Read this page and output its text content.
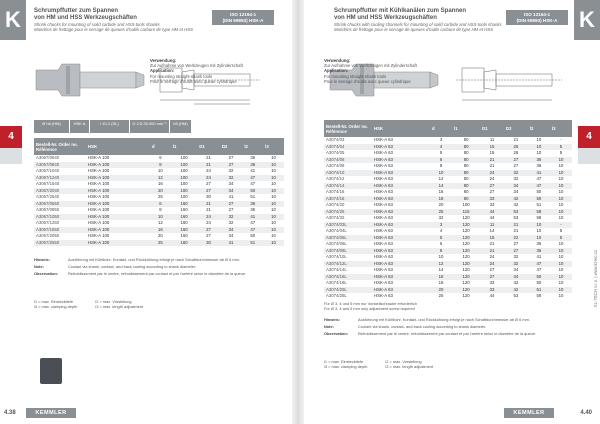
K	Schrumpffutter zum Spannen
von HM und HSS Werkzeugschäften
Shrink chucks for mounting of solid carbide and HSS-tools shanks
Mandrins de frettage pour le serrage de queues d'outils carbure de type HM et HSS
ISO 12164-1
(DIN 69893) HSK-A
Verwendung:
Zur Aufnahme von Werkzeugen mit Zylinderschaft
Application:
For mounting straight-shank tools
Pour le serrage d'outils avec queue cylindrique
4
Ø h6 (HM)	HSK A	l ±0,1 (SL)	G 2,5 25.000 min⁻¹	h5 (HM)
Bestell-Nr. Order no. Référence	HSK	d	l1	D1	D2	l2	l3
A3067/0640	HSK-A 100	6	100	21	27	36	10
A3067/0840	HSK-A 100	8	100	21	27	36	10
A3067/1040	HSK-A 100	10	100	24	32	41	10
A3067/1240	HSK-A 100	12	100	24	32	47	10
A3067/1640	HSK-A 100	16	100	27	34	47	10
A3067/2040	HSK-A 100	20	100	27	34	50	10
A3067/2540	HSK-A 100	25	100	30	41	51	10
A3067/0650	HSK-A 100	6	160	21	27	36	10
A3067/0850	HSK-A 100	8	160	21	27	36	10
A3067/1050	HSK-A 100	10	160	24	32	41	10
A3067/1250	HSK-A 100	12	160	24	32	47	10
A3067/1650	HSK-A 100	16	160	27	34	47	10
A3067/2050	HSK-A 100	20	160	27	34	50	10
A3067/2550	HSK-A 100	25	160	30	41	51	10
Hinweis:	Ausführung mit Kühlbohr. Kontakt- und Rückkühlung erfolgt je nach Schaftdurchmesser ab Ø 6 mm.
Note:	Coolant via shank, contact- and back cooling according to shank diameter.
Observation:	Refroidissement par le centre, refroidissement par contact et par l'arrière selon le diamètre de la queue.
l1 = max. Einstecktiefe
l3 = max. clamping depth
l2 = max. Vorstellung
l3 = max. length adjustment
4.38	KEMMLER
K
Schrumpffutter mit Kühlkanälen zum Spannen
von HM und HSS Werkzeugschäften
Shrink chucks with cooling channels for mounting of solid carbide and HSS-tools shanks
Mandrins de frettage pour le serrage de queues d'outils carbure de type HM et HSS
ISO 12164-1
(DIN 69893) HSK-A
Verwendung:
Zur Aufnahme von Werkzeugen mit Zylinderschaft
Application:
For mounting straight-shank tools
Pour le serrage d'outils avec queue cylindrique
4
Bestell-Nr. Order no. Référence	HSK	d	l1	D1	D2	l2	l3
A3074/03	HSK-A 63	3	80	11	21	10	-
A3074/04	HSK-A 63	4	80	15	26	10	5
A3074/05	HSK-A 63	5	80	15	26	10	5
A3074/06	HSK-A 63	6	80	21	27	36	10
A3074/08	HSK-A 63	8	80	21	27	36	10
A3074/10	HSK-A 63	10	80	24	32	41	10
A3074/12	HSK-A 63	12	80	24	32	47	10
A3074/14	HSK-A 63	14	80	27	34	47	10
A3074/16	HSK-A 63	16	80	27	34	50	10
A3074/18	HSK-A 63	18	80	33	42	50	10
A3074/20	HSK-A 63	20	100	33	42	51	10
A3074/25	HSK-A 63	25	115	44	53	58	10
A3074/32	HSK-A 63	32	120	44	53	58	10
A3074/03L	HSK-A 63	3	120	11	21	10	-
A3074/04L	HSK-A 63	4	120	14	21	10	5
A3074/05L	HSK-A 63	5	120	15	22	10	5
A3074/06L	HSK-A 63	6	120	21	27	36	10
A3074/08L	HSK-A 63	8	120	21	27	36	10
A3074/10L	HSK-A 63	10	120	24	32	41	10
A3074/12L	HSK-A 63	12	120	24	32	47	10
A3074/14L	HSK-A 63	14	120	27	34	47	10
A3074/16L	HSK-A 63	16	120	27	34	50	10
A3074/18L	HSK-A 63	18	120	33	42	50	10
A3074/20L	HSK-A 63	20	120	33	42	51	10
A3074/25L	HSK-A 63	25	120	44	53	58	10
Für Ø 3, 4 und 5 mm nur Vorstellschraube erforderlich
For Ø 3, 4 and 5 mm only adjustment screw required
Hinweis:	Ausführung mit Kühlbohr. Kontakt- und Rückkühlung erfolgt je nach Schaftdurchmesser ab Ø 6 mm.
Note:	Coolant via shank, contact- and back cooling according to shank diameter.
Observation:	Refroidissement par le centre, refroidissement par contact et par l'arrière selon le diamètre de la queue.
l1 = max. Einstecktiefe
l3 = max. clamping depth
l2 = max. Vorstellung
l3 = max. length adjustment
KL-TECH s.r.o. | www.kl-tec.cz
KEMMLER	4.40
